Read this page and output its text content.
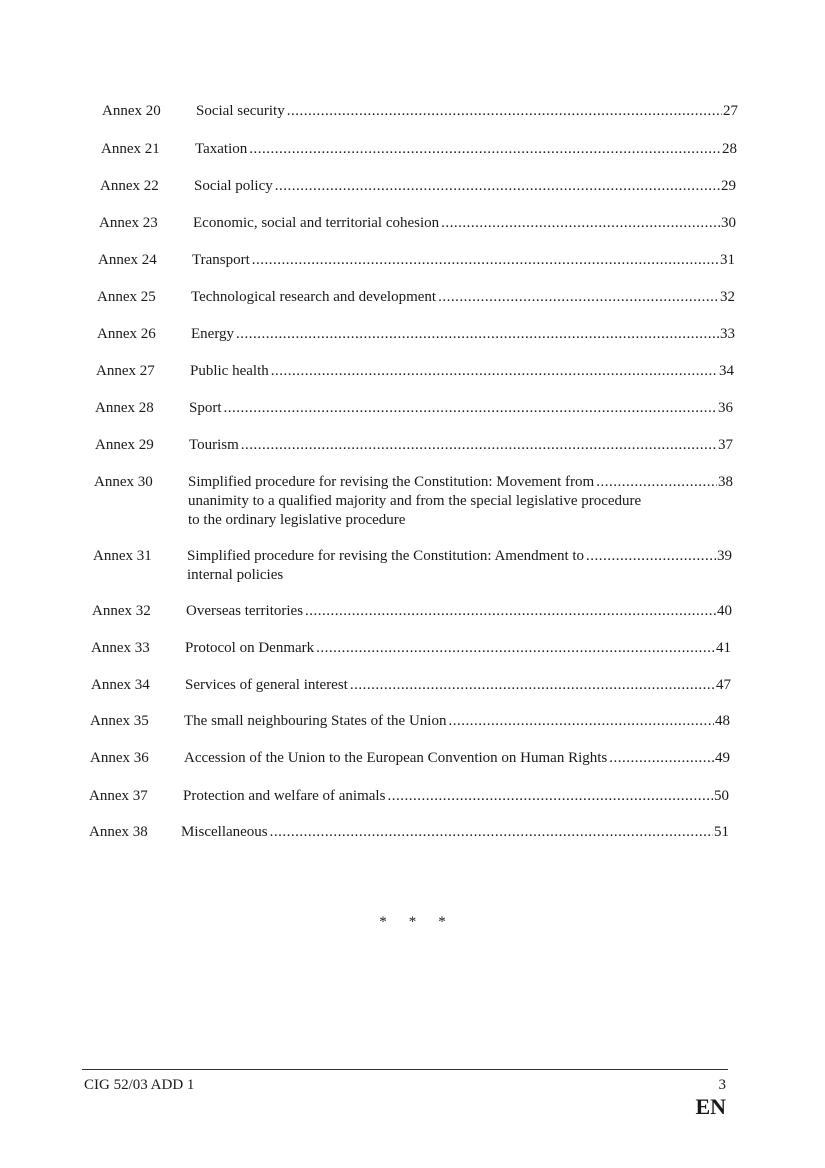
Annex 20 Social security .....	27
Annex 21 Taxation .....	28
Annex 22 Social policy .....	29
Annex 23 Economic, social and territorial cohesion .....	30
Annex 24 Transport .....	31
Annex 25 Technological research and development .....	32
Annex 26 Energy .....	33
Annex 27 Public health .....	34
Annex 28 Sport .....	36
Annex 29 Tourism .....	37
Annex 30 Simplified procedure for revising the Constitution: Movement from .....	38
unanimity to a qualified majority and from the special legislative procedure
to the ordinary legislative procedure
Annex 31 Simplified procedure for revising the Constitution: Amendment to .....	39
internal policies
Annex 32 Overseas territories .....	40
Annex 33 Protocol on Denmark .....	41
Annex 34 Services of general interest .....	47
Annex 35 The small neighbouring States of the Union .....	48
Annex 36 Accession of the Union to the European Convention on Human Rights .....	49
Annex 37 Protection and welfare of animals .....	50
Annex 38 Miscellaneous .....	51
* * *
CIG 52/03 ADD 1	3
EN
